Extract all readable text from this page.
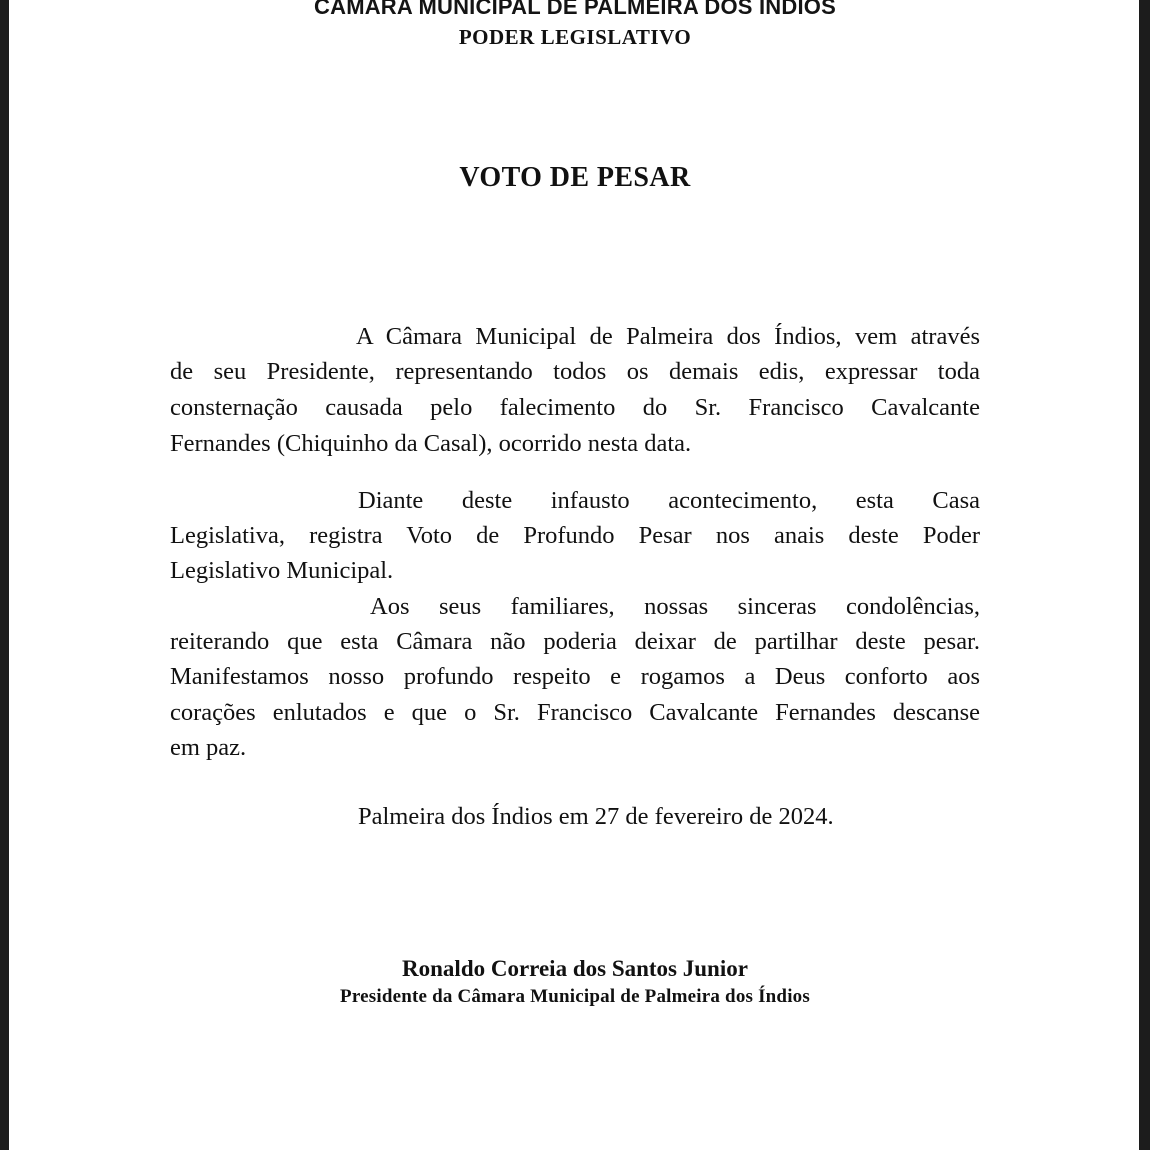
CAMARA MUNICIPAL DE PALMEIRA DOS INDIOS
PODER LEGISLATIVO
VOTO DE PESAR
A Câmara Municipal de Palmeira dos Índios, vem através
de seu Presidente, representando todos os demais edis, expressar toda
consternação causada pelo falecimento do Sr. Francisco Cavalcante
Fernandes (Chiquinho da Casal), ocorrido nesta data.
Diante deste infausto acontecimento, esta Casa
Legislativa, registra Voto de Profundo Pesar nos anais deste Poder
Legislativo Municipal.
Aos seus familiares, nossas sinceras condolências,
reiterando que esta Câmara não poderia deixar de partilhar deste pesar.
Manifestamos nosso profundo respeito e rogamos a Deus conforto aos
corações enlutados e que o Sr. Francisco Cavalcante Fernandes descanse
em paz.
Palmeira dos Índios em 27 de fevereiro de 2024.
Ronaldo Correia dos Santos Junior
Presidente da Câmara Municipal de Palmeira dos Índios
